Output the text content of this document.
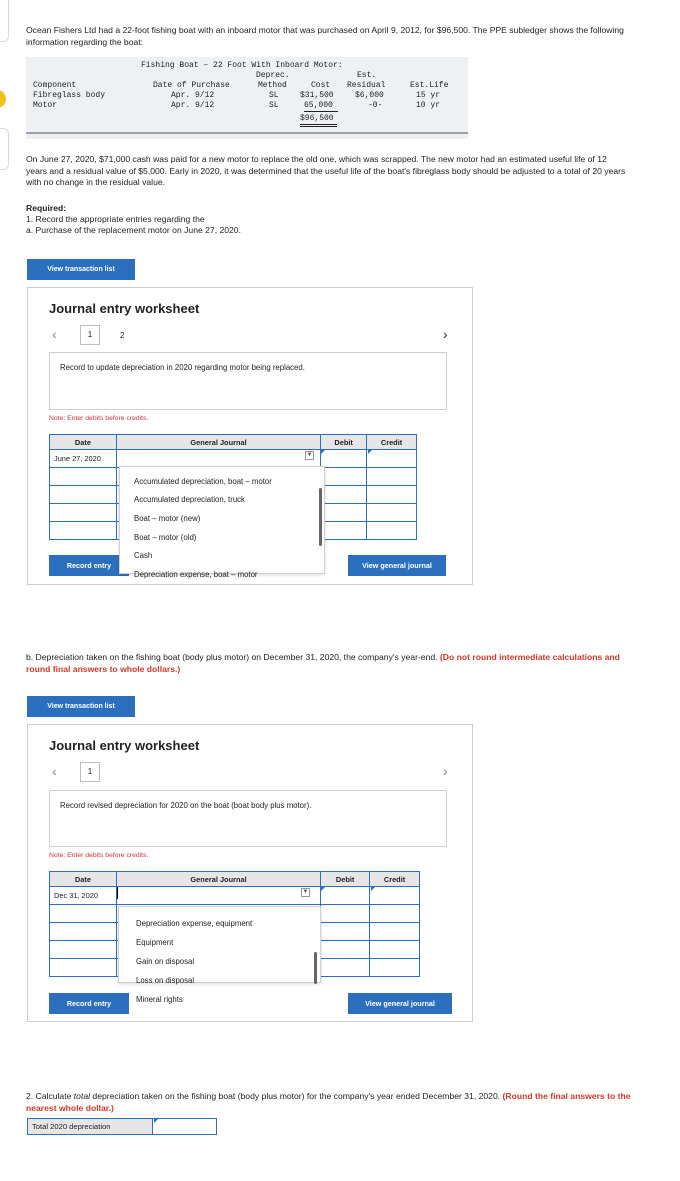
Ocean Fishers Ltd had a 22-foot fishing boat with an inboard motor that was purchased on April 9, 2012, for $96,500. The PPE subledger shows the following information regarding the boat:
Fishing Boat – 22 Foot With Inboard Motor:
Deprec.	Est.
Component	Date of Purchase	Method	Cost Residual	Est.Life
Fibreglass body	Apr. 9/12	SL	$31,500	$6,000	15 yr
Motor	Apr. 9/12	SL	65,000	-0-	10 yr
$96,500
On June 27, 2020, $71,000 cash was paid for a new motor to replace the old one, which was scrapped. The new motor had an estimated useful life of 12 years and a residual value of $5,000. Early in 2020, it was determined that the useful life of the boat's fibreglass body should be adjusted to a total of 20 years with no change in the residual value.
Required:
1. Record the appropriate entries regarding the
a. Purchase of the replacement motor on June 27, 2020.
View transaction list
Journal entry worksheet
‹	1	2	›
Record to update depreciation in 2020 regarding motor being replaced.
Note: Enter debits before credits.
Date	General Journal	Debit	Credit
June 27, 2020			

				▼
Record entry	View general journal
Accumulated depreciation, boat – motor
Accumulated depreciation, truck
Boat – motor (new)
Boat – motor (old)
Cash
Depreciation expense, boat – motor
b. Depreciation taken on the fishing boat (body plus motor) on December 31, 2020, the company's year-end. (Do not round intermediate calculations and round final answers to whole dollars.)
View transaction list
Journal entry worksheet
‹	1	›
Record revised depreciation for 2020 on the boat (boat body plus motor).
Note: Enter debits before credits.
Date	General Journal	Debit	Credit
Dec 31, 2020			

				▼
Record entry	View general journal
Depreciation expense, equipment
Equipment
Gain on disposal
Loss on disposal
Mineral rights
2. Calculate total depreciation taken on the fishing boat (body plus motor) for the company's year ended December 31, 2020. (Round the final answers to the nearest whole dollar.)
Total 2020 depreciation
